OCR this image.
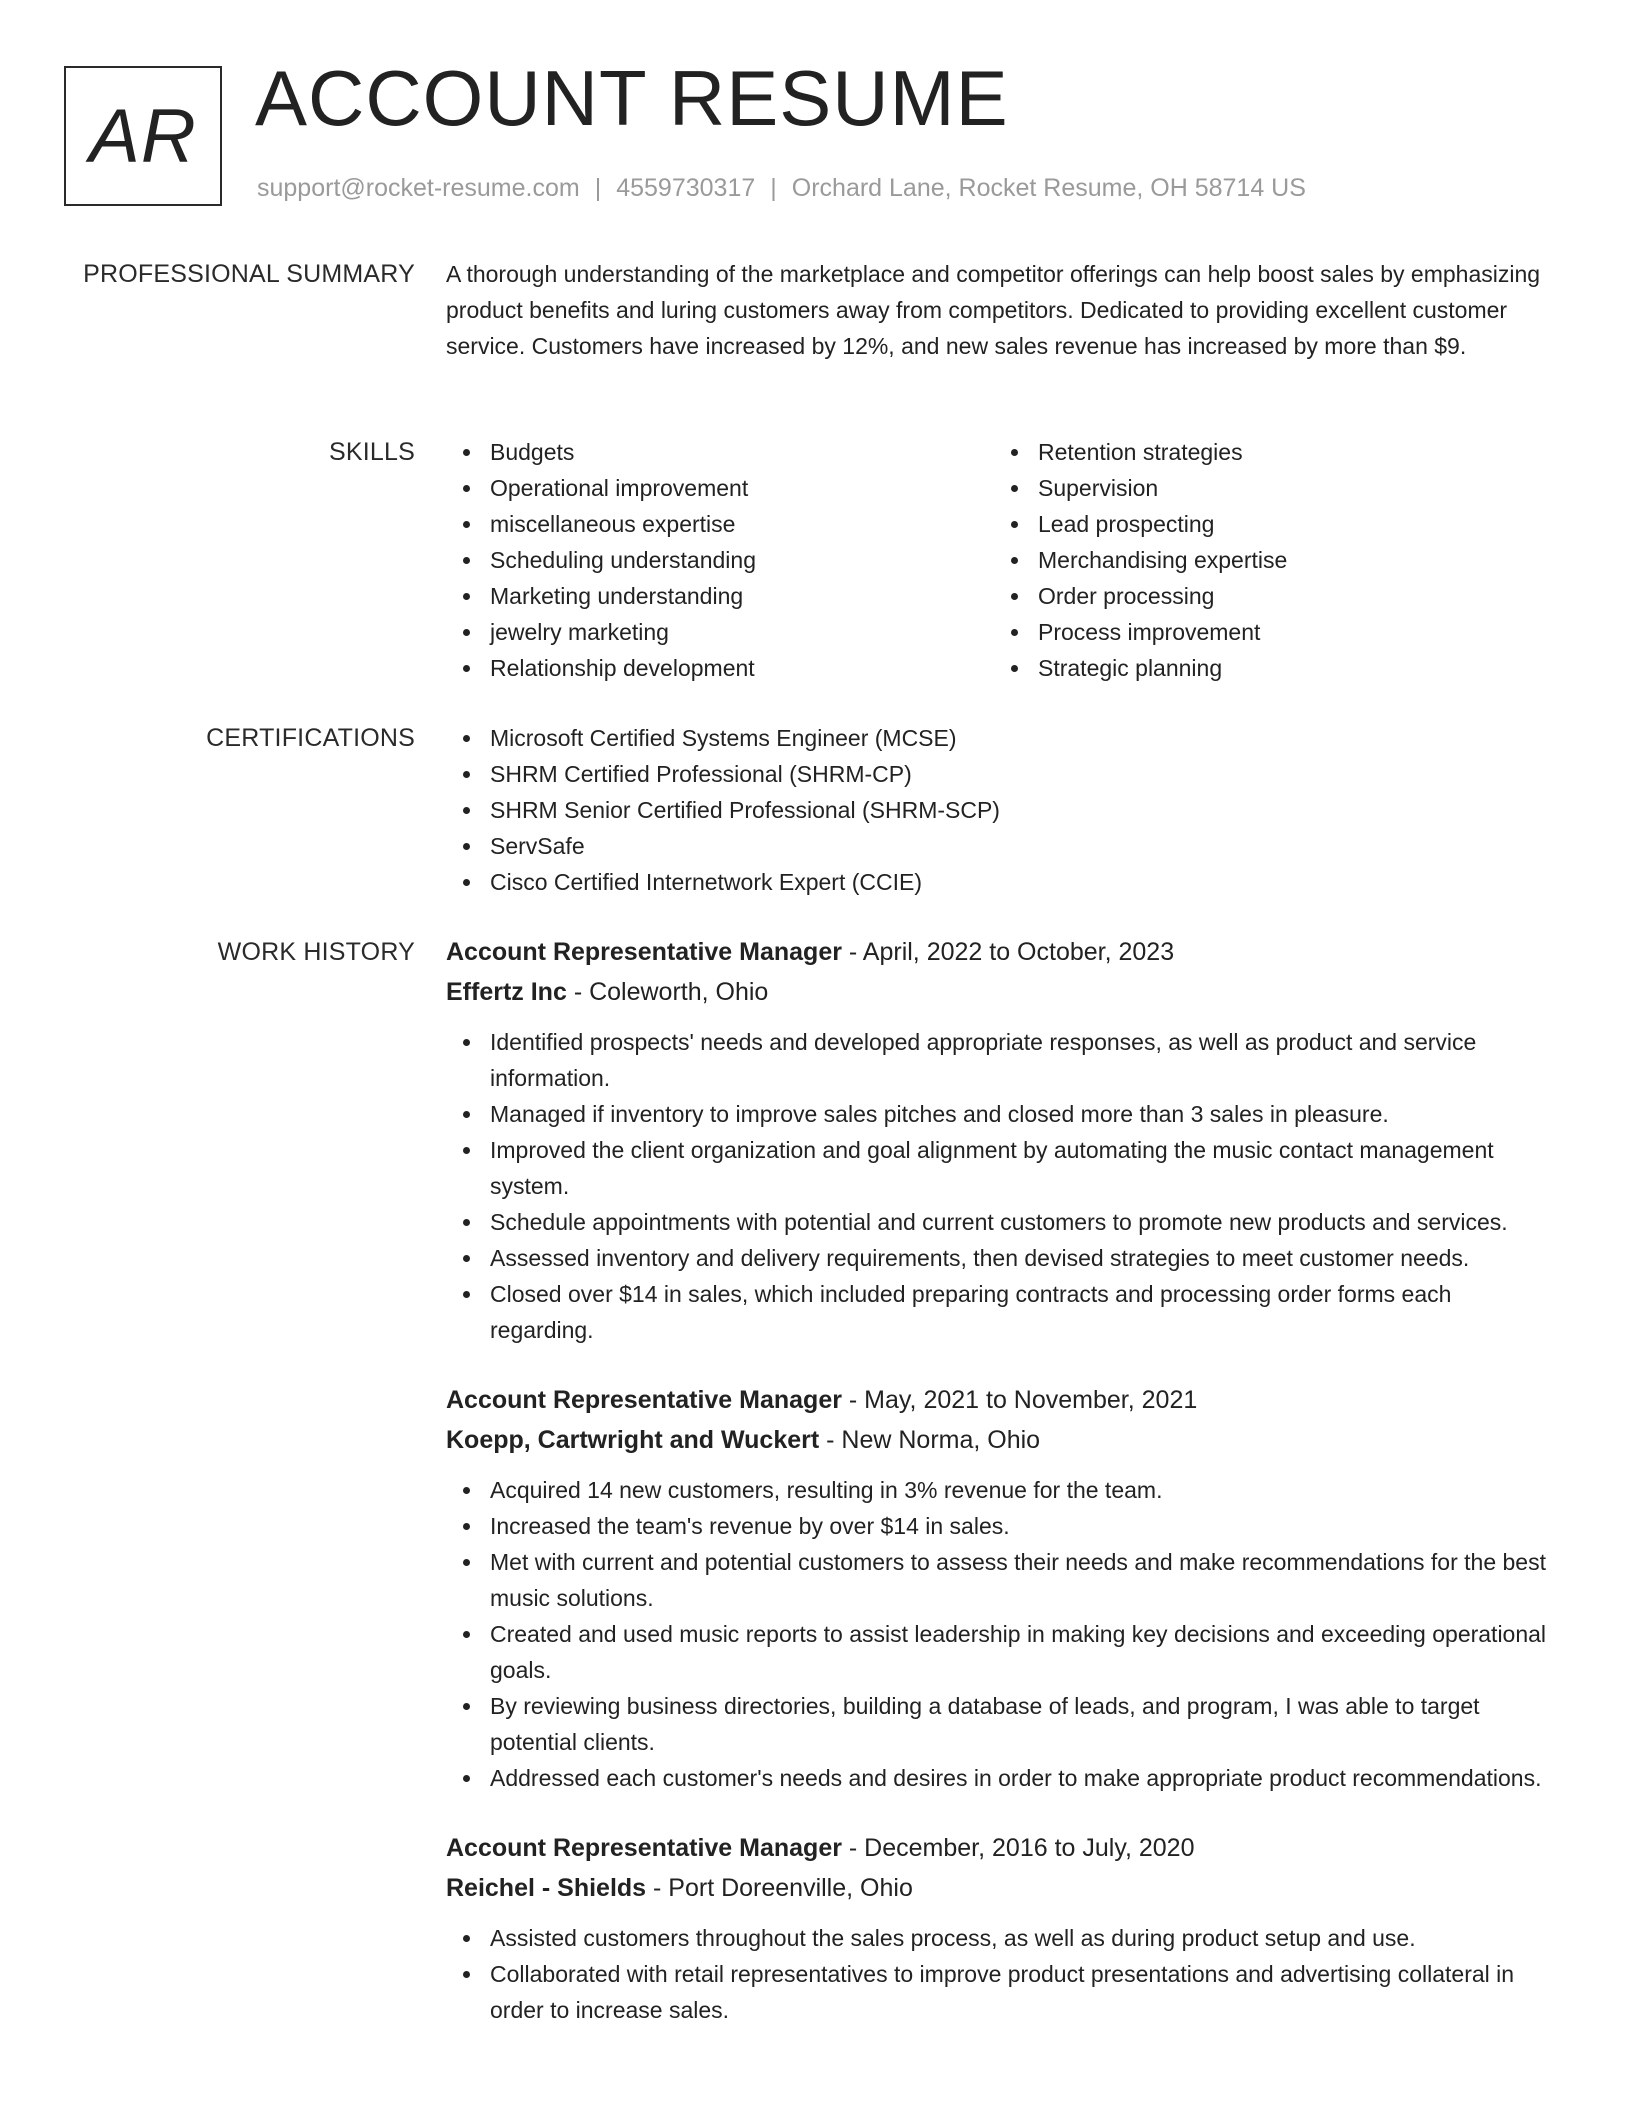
AR ACCOUNT RESUME
support@rocket-resume.com | 4559730317 | Orchard Lane, Rocket Resume, OH 58714 US
PROFESSIONAL SUMMARY A thorough understanding of the marketplace and competitor offerings can help boost sales by emphasizing product benefits and luring customers away from competitors. Dedicated to providing excellent customer service. Customers have increased by 12%, and new sales revenue has increased by more than $9.
SKILLS	Budgets
Operational improvement
miscellaneous expertise
Scheduling understanding
Marketing understanding
jewelry marketing
Relationship development
Retention strategies
Supervision
Lead prospecting
Merchandising expertise
Order processing
Process improvement
Strategic planning
CERTIFICATIONS	Microsoft Certified Systems Engineer (MCSE)
SHRM Certified Professional (SHRM-CP)
SHRM Senior Certified Professional (SHRM-SCP)
ServSafe
Cisco Certified Internetwork Expert (CCIE)
WORK HISTORY Account Representative Manager - April, 2022 to October, 2023
Effertz Inc - Coleworth, Ohio
Identified prospects' needs and developed appropriate responses, as well as product and service information.
Managed if inventory to improve sales pitches and closed more than 3 sales in pleasure.
Improved the client organization and goal alignment by automating the music contact management system.
Schedule appointments with potential and current customers to promote new products and services.
Assessed inventory and delivery requirements, then devised strategies to meet customer needs.
Closed over $14 in sales, which included preparing contracts and processing order forms each regarding.
Account Representative Manager - May, 2021 to November, 2021
Koepp, Cartwright and Wuckert - New Norma, Ohio
Acquired 14 new customers, resulting in 3% revenue for the team.
Increased the team's revenue by over $14 in sales.
Met with current and potential customers to assess their needs and make recommendations for the best music solutions.
Created and used music reports to assist leadership in making key decisions and exceeding operational goals.
By reviewing business directories, building a database of leads, and program, I was able to target potential clients.
Addressed each customer's needs and desires in order to make appropriate product recommendations.
Account Representative Manager - December, 2016 to July, 2020
Reichel - Shields - Port Doreenville, Ohio
Assisted customers throughout the sales process, as well as during product setup and use.
Collaborated with retail representatives to improve product presentations and advertising collateral in order to increase sales.
